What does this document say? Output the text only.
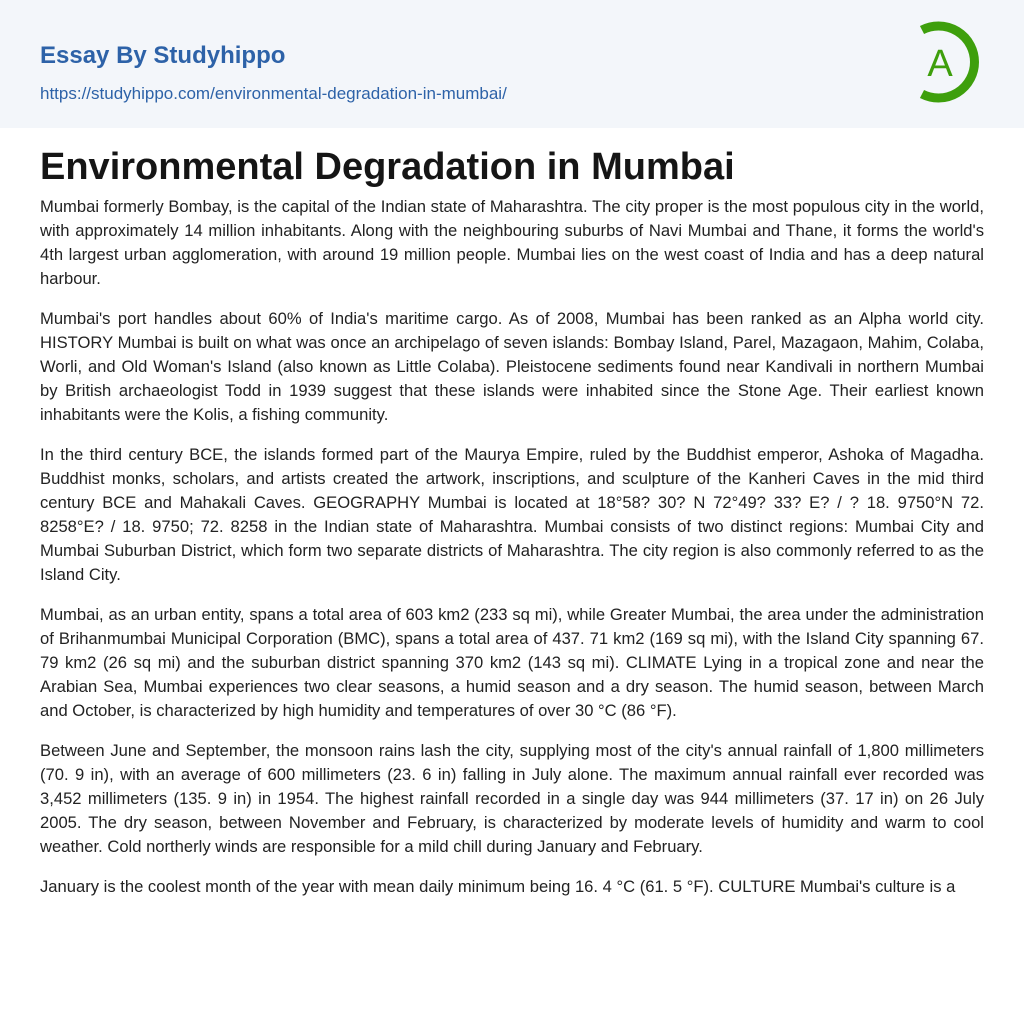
Essay By Studyhippo
https://studyhippo.com/environmental-degradation-in-mumbai/
A
Environmental Degradation in Mumbai

Mumbai formerly Bombay, is the capital of the Indian state of Maharashtra. The city proper is the most populous city in the world, with approximately 14 million inhabitants. Along with the neighbouring suburbs of Navi Mumbai and Thane, it forms the world's 4th largest urban agglomeration, with around 19 million people. Mumbai lies on the west coast of India and has a deep natural harbour.

Mumbai's port handles about 60% of India's maritime cargo. As of 2008, Mumbai has been ranked as an Alpha world city. HISTORY Mumbai is built on what was once an archipelago of seven islands: Bombay Island, Parel, Mazagaon, Mahim, Colaba, Worli, and Old Woman's Island (also known as Little Colaba). Pleistocene sediments found near Kandivali in northern Mumbai by British archaeologist Todd in 1939 suggest that these islands were inhabited since the Stone Age. Their earliest known inhabitants were the Kolis, a fishing community.

In the third century BCE, the islands formed part of the Maurya Empire, ruled by the Buddhist emperor, Ashoka of Magadha. Buddhist monks, scholars, and artists created the artwork, inscriptions, and sculpture of the Kanheri Caves in the mid third century BCE and Mahakali Caves. GEOGRAPHY Mumbai is located at 18°58? 30? N 72°49? 33? E? / ? 18. 9750°N 72. 8258°E? / 18. 9750; 72. 8258 in the Indian state of Maharashtra. Mumbai consists of two distinct regions: Mumbai City and Mumbai Suburban District, which form two separate districts of Maharashtra. The city region is also commonly referred to as the Island City.

Mumbai, as an urban entity, spans a total area of 603 km2 (233 sq mi), while Greater Mumbai, the area under the administration of Brihanmumbai Municipal Corporation (BMC), spans a total area of 437. 71 km2 (169 sq mi), with the Island City spanning 67. 79 km2 (26 sq mi) and the suburban district spanning 370 km2 (143 sq mi). CLIMATE Lying in a tropical zone and near the Arabian Sea, Mumbai experiences two clear seasons, a humid season and a dry season. The humid season, between March and October, is characterized by high humidity and temperatures of over 30 °C (86 °F).

Between June and September, the monsoon rains lash the city, supplying most of the city's annual rainfall of 1,800 millimeters (70. 9 in), with an average of 600 millimeters (23. 6 in) falling in July alone. The maximum annual rainfall ever recorded was 3,452 millimeters (135. 9 in) in 1954. The highest rainfall recorded in a single day was 944 millimeters (37. 17 in) on 26 July 2005. The dry season, between November and February, is characterized by moderate levels of humidity and warm to cool weather. Cold northerly winds are responsible for a mild chill during January and February.

January is the coolest month of the year with mean daily minimum being 16. 4 °C (61. 5 °F). CULTURE Mumbai's culture is a
